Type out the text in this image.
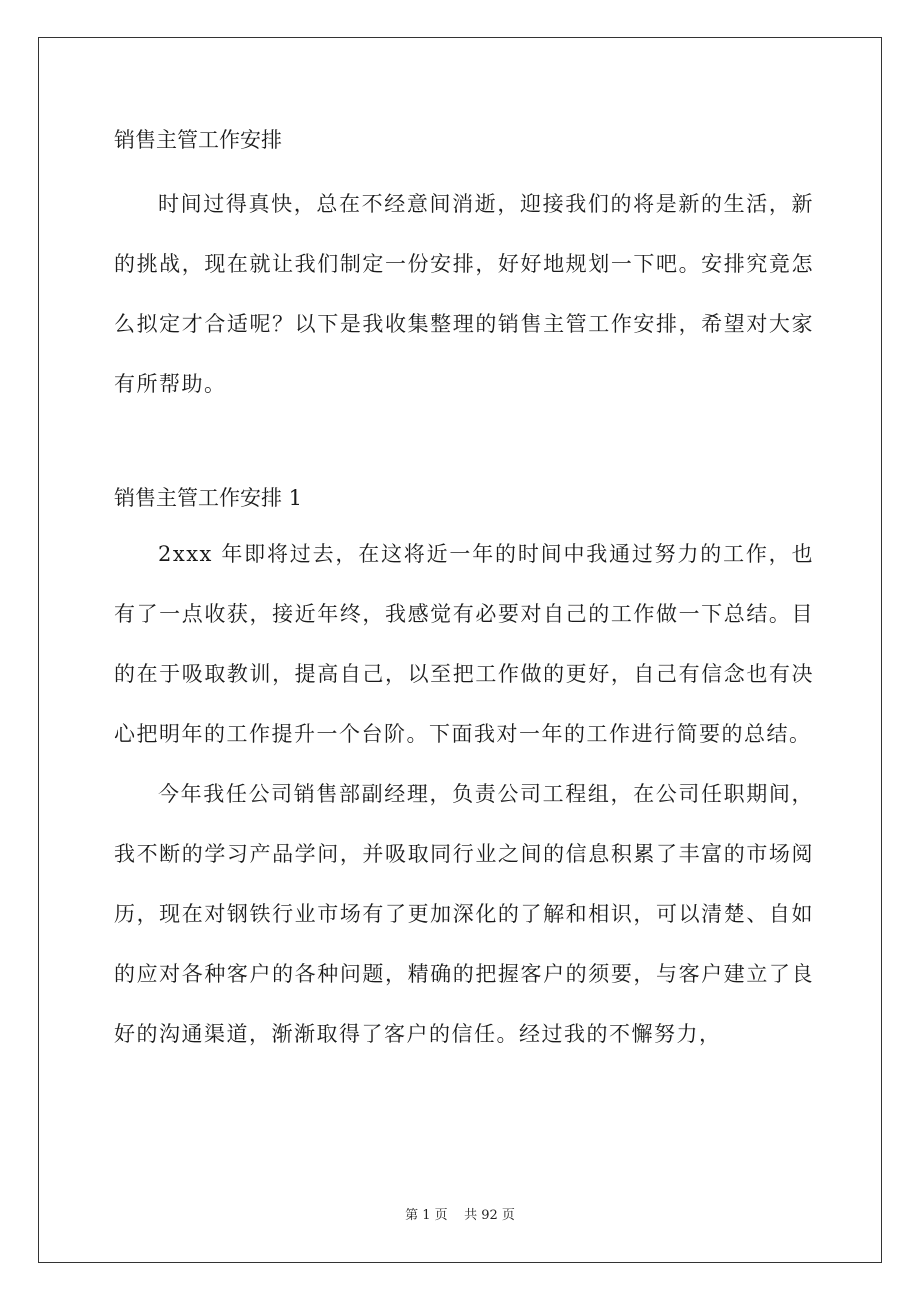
销售主管工作安排

时间过得真快，总在不经意间消逝，迎接我们的将是新的生活，新的挑战，现在就让我们制定一份安排，好好地规划一下吧。安排究竟怎么拟定才合适呢？以下是我收集整理的销售主管工作安排，希望对大家有所帮助。

销售主管工作安排 1

2xxx 年即将过去，在这将近一年的时间中我通过努力的工作，也有了一点收获，接近年终，我感觉有必要对自己的工作做一下总结。目的在于吸取教训，提高自己，以至把工作做的更好，自己有信念也有决心把明年的工作提升一个台阶。下面我对一年的工作进行简要的总结。

今年我任公司销售部副经理，负责公司工程组，在公司任职期间，我不断的学习产品学问，并吸取同行业之间的信息积累了丰富的市场阅历，现在对钢铁行业市场有了更加深化的了解和相识，可以清楚、自如的应对各种客户的各种问题，精确的把握客户的须要，与客户建立了良好的沟通渠道，渐渐取得了客户的信任。经过我的不懈努力，

第 1 页    共 92 页
